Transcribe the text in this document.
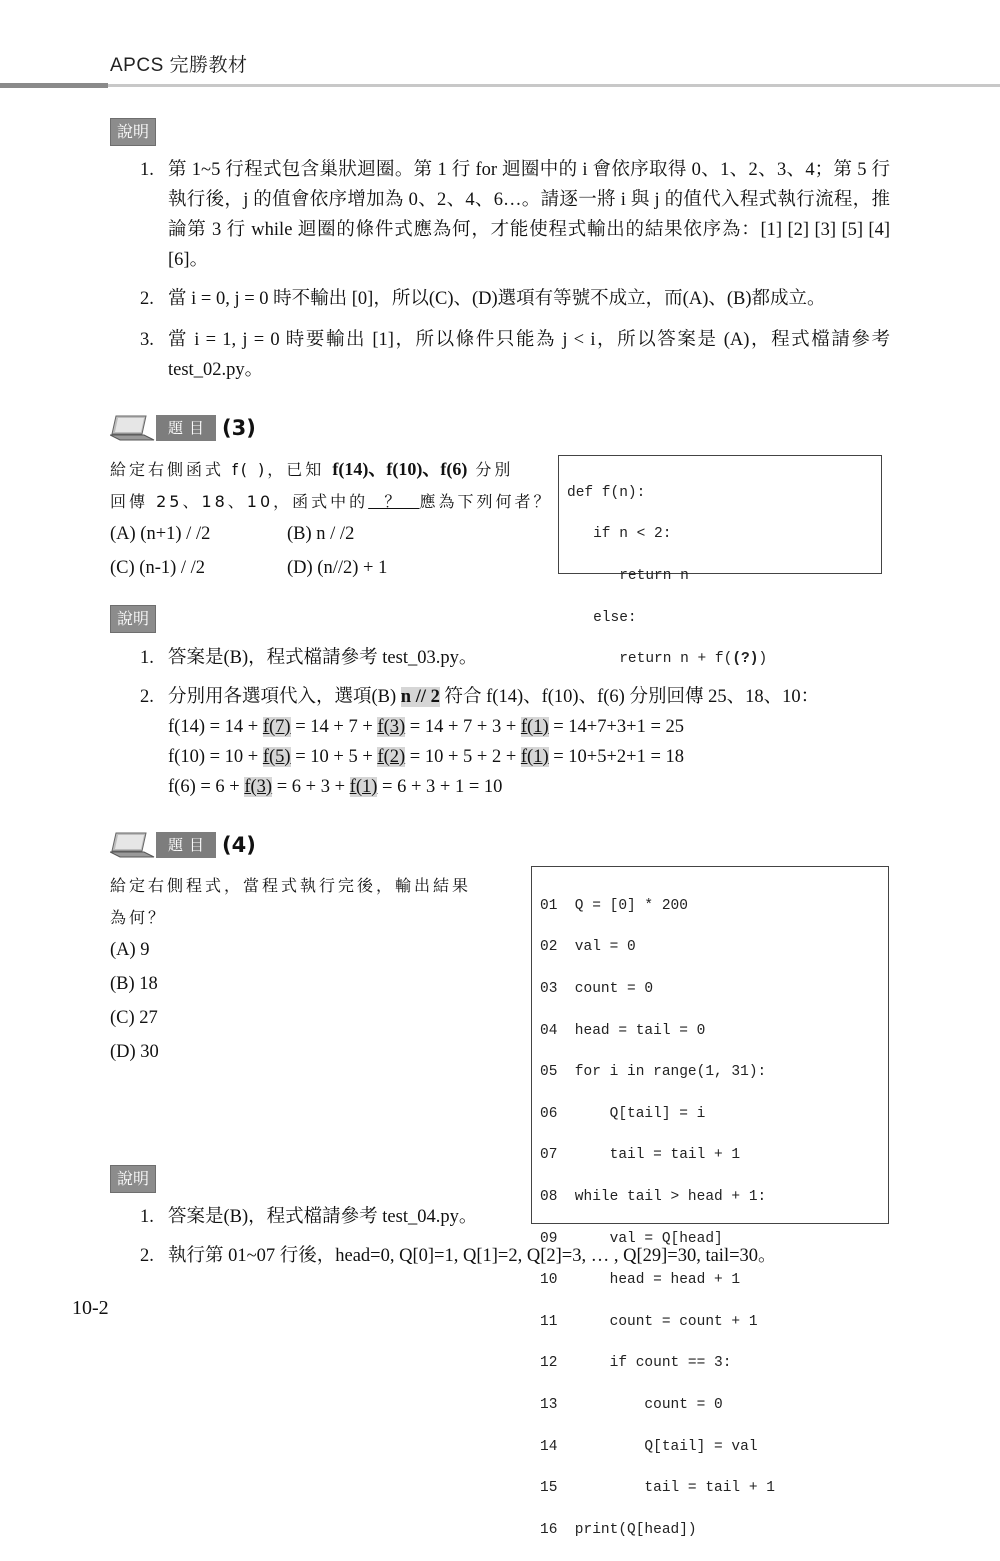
APCS 完勝教材
說明
1. 第 1~5 行程式包含巢狀迴圈。第 1 行 for 迴圈中的 i 會依序取得 0、1、2、3、4；第 5 行執行後，j 的值會依序增加為 0、2、4、6…。請逐一將 i 與 j 的值代入程式執行流程，推論第 3 行 while 迴圈的條件式應為何，才能使程式輸出的結果依序為：[1] [2] [3] [5] [4] [6]。
2. 當 i = 0, j = 0 時不輸出 [0]，所以(C)、(D)選項有等號不成立，而(A)、(B)都成立。
3. 當 i = 1, j = 0 時要輸出 [1]，所以條件只能為 j < i，所以答案是 (A)，程式檔請參考 test_02.py。
題目 (3)
給定右側函式 f( )，已知 f(14)、f(10)、f(6) 分別
回傳 25、18、10，函式中的  ？  應為下列何者？
(A) (n+1) / /2	(B) n / /2
(C) (n-1) / /2	(D) (n//2) + 1

def f(n):

if n < 2:

return n

else:

return n + f((?))

說明
1. 答案是(B)，程式檔請參考 test_03.py。
2. 分別用各選項代入，選項(B) n // 2 符合 f(14)、f(10)、f(6) 分別回傳 25、18、10：
f(14) = 14 + f(7) = 14 + 7 + f(3) = 14 + 7 + 3 + f(1) = 14+7+3+1 = 25
f(10) = 10 + f(5) = 10 + 5 + f(2) = 10 + 5 + 2 + f(1) = 10+5+2+1 = 18
f(6) = 6 + f(3) = 6 + 3 + f(1) = 6 + 3 + 1 = 10
題目 (4)
給定右側程式，當程式執行完後，輸出結果
為何？
(A) 9
(B) 18
(C) 27
(D) 30

01  Q = [0] * 200

02  val = 0

03  count = 0

04  head = tail = 0

05  for i in range(1, 31):

06      Q[tail] = i

07      tail = tail + 1

08  while tail > head + 1:

09      val = Q[head]

10      head = head + 1

11      count = count + 1

12      if count == 3:

13          count = 0

14          Q[tail] = val

15          tail = tail + 1

16  print(Q[head])

說明
1. 答案是(B)，程式檔請參考 test_04.py。
2. 執行第 01~07 行後，head=0, Q[0]=1, Q[1]=2, Q[2]=3, … , Q[29]=30, tail=30。
10-2
